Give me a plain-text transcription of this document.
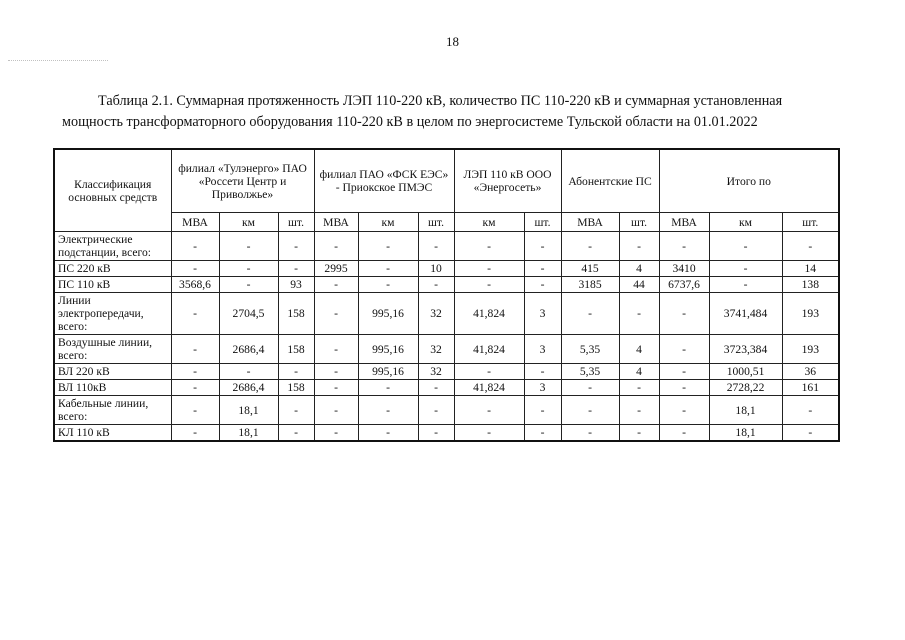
18
Таблица 2.1. Суммарная протяженность ЛЭП 110-220 кВ, количество ПС 110-220 кВ и суммарная установленная
мощность трансформаторного оборудования 110-220 кВ в целом по энергосистеме Тульской области на 01.01.2022
Классификация основных средств	филиал «Тулэнерго» ПАО «Россети Центр и Приволжье»			филиал ПАО «ФСК ЕЭС» - Приокское ПМЭС			ЛЭП 110 кВ ООО «Энергосеть»		Абонентские ПС		Итого по		
	МВА	км	шт.	МВА	км	шт.	км	шт.	МВА	шт.	МВА	км	шт.
Электрические подстанции, всего:	-	-	-	-	-	-	-	-	-	-	-	-	-
ПС 220 кВ	-	-	-	2995	-	10	-	-	415	4	3410	-	14
ПС 110 кВ	3568,6	-	93	-	-	-	-	-	3185	44	6737,6	-	138
Линии электропередачи, всего:	-	2704,5	158	-	995,16	32	41,824	3	-	-	-	3741,484	193
Воздушные линии, всего:	-	2686,4	158	-	995,16	32	41,824	3	5,35	4	-	3723,384	193
ВЛ 220 кВ	-	-	-	-	995,16	32	-	-	5,35	4	-	1000,51	36
ВЛ 110кВ	-	2686,4	158	-	-	-	41,824	3	-	-	-	2728,22	161
Кабельные линии, всего:	-	18,1	-	-	-	-	-	-	-	-	-	18,1	-
КЛ 110 кВ	-	18,1	-	-	-	-	-	-	-	-	-	18,1	-
